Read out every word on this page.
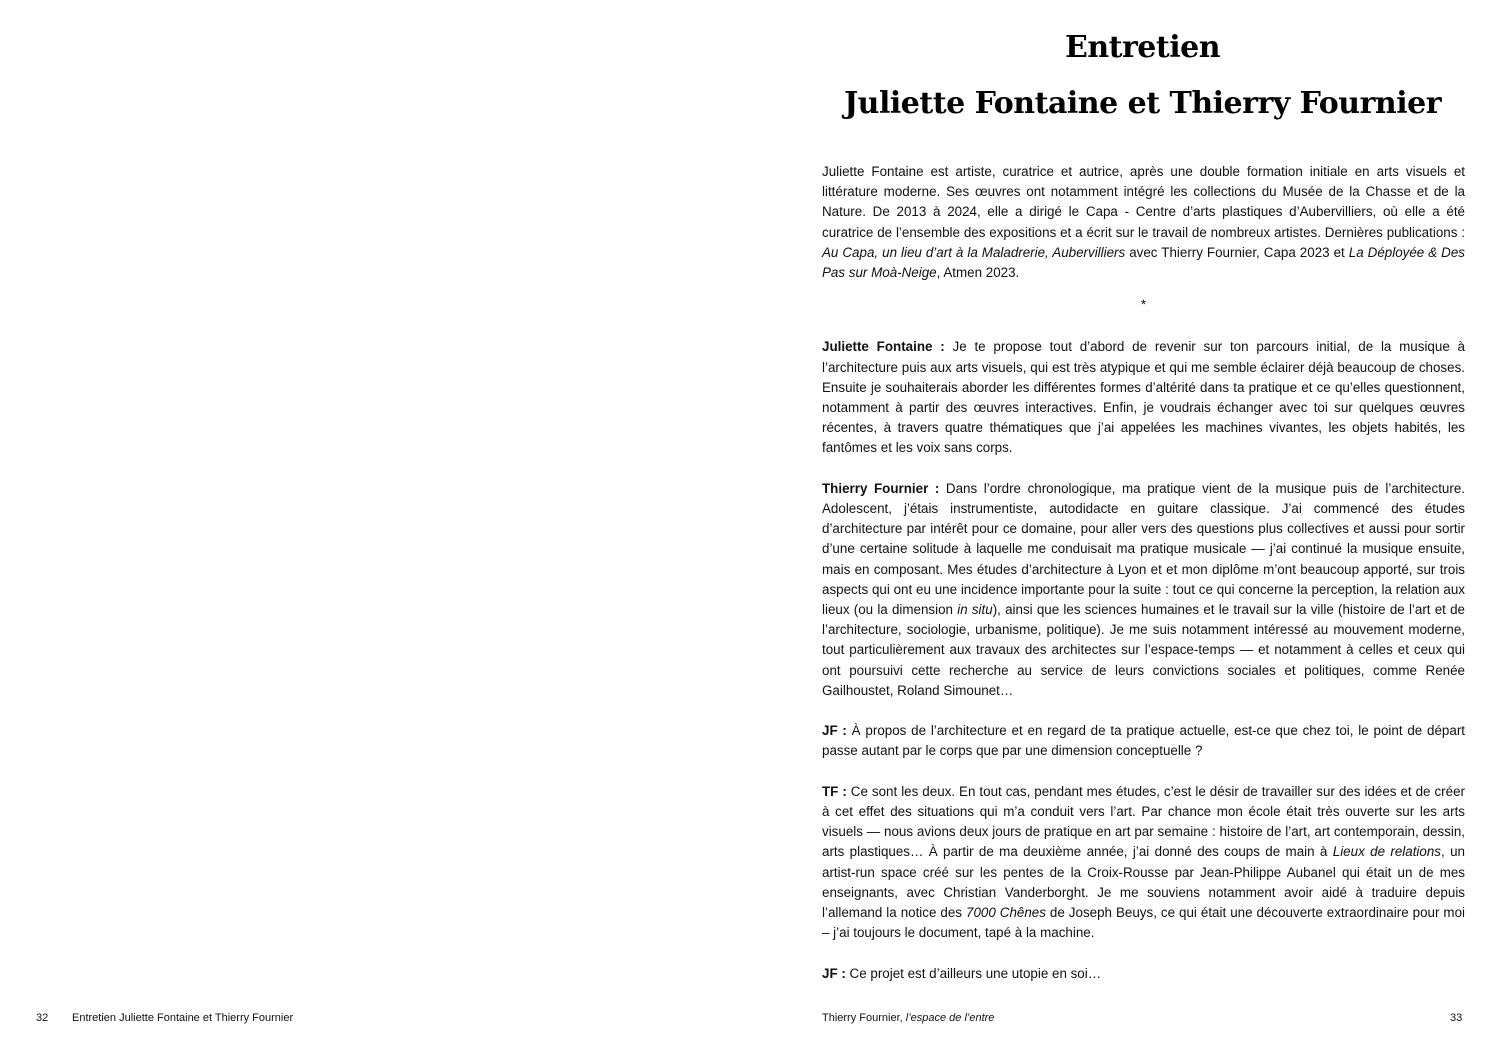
32 Entretien Juliette Fontaine et Thierry Fournier
Entretien
Juliette Fontaine et Thierry Fournier

Juliette Fontaine est artiste, curatrice et autrice, après une double formation initiale en arts visuels et littérature moderne. Ses œuvres ont notamment intégré les collections du Musée de la Chasse et de la Nature. De 2013 à 2024, elle a dirigé le Capa - Centre d’arts plastiques d’Aubervilliers, où elle a été curatrice de l’ensemble des expositions et a écrit sur le travail de nombreux artistes. Dernières publications : Au Capa, un lieu d’art à la Maladrerie, Aubervilliers avec Thierry Fournier, Capa 2023 et La Déployée & Des Pas sur Moà-Neige, Atmen 2023.

*

Juliette Fontaine : Je te propose tout d’abord de revenir sur ton parcours initial, de la musique à l’architecture puis aux arts visuels, qui est très atypique et qui me semble éclairer déjà beaucoup de choses. Ensuite je souhaiterais aborder les différentes formes d’altérité dans ta pratique et ce qu’elles questionnent, notamment à partir des œuvres interactives. Enfin, je voudrais échanger avec toi sur quelques œuvres récentes, à travers quatre thématiques que j’ai appelées les machines vivantes, les objets habités, les fantômes et les voix sans corps.

Thierry Fournier : Dans l’ordre chronologique, ma pratique vient de la musique puis de l’architecture. Adolescent, j’étais instrumentiste, autodidacte en guitare classique. J’ai commencé des études d’architecture par intérêt pour ce domaine, pour aller vers des questions plus collectives et aussi pour sortir d’une certaine solitude à laquelle me conduisait ma pratique musicale — j’ai continué la musique ensuite, mais en composant. Mes études d’architecture à Lyon et et mon diplôme m’ont beaucoup apporté, sur trois aspects qui ont eu une incidence importante pour la suite : tout ce qui concerne la perception, la relation aux lieux (ou la dimension in situ), ainsi que les sciences humaines et le travail sur la ville (histoire de l’art et de l’architecture, sociologie, urbanisme, politique). Je me suis notamment intéressé au mouvement moderne, tout particulièrement aux travaux des architectes sur l’espace-temps — et notamment à celles et ceux qui ont poursuivi cette recherche au service de leurs convictions sociales et politiques, comme Renée Gailhoustet, Roland Simounet…

JF : À propos de l’architecture et en regard de ta pratique actuelle, est-ce que chez toi, le point de départ passe autant par le corps que par une dimension conceptuelle ?

TF : Ce sont les deux. En tout cas, pendant mes études, c’est le désir de travailler sur des idées et de créer à cet effet des situations qui m’a conduit vers l’art. Par chance mon école était très ouverte sur les arts visuels — nous avions deux jours de pratique en art par semaine : histoire de l’art, art contemporain, dessin, arts plastiques… À partir de ma deuxième année, j’ai donné des coups de main à Lieux de relations, un artist-run space créé sur les pentes de la Croix-Rousse par Jean-Philippe Aubanel qui était un de mes enseignants, avec Christian Vanderborght. Je me souviens notamment avoir aidé à traduire depuis l’allemand la notice des 7000 Chênes de Joseph Beuys, ce qui était une découverte extraordinaire pour moi – j’ai toujours le document, tapé à la machine.

JF : Ce projet est d’ailleurs une utopie en soi…

Thierry Fournier, l’espace de l’entre	33
